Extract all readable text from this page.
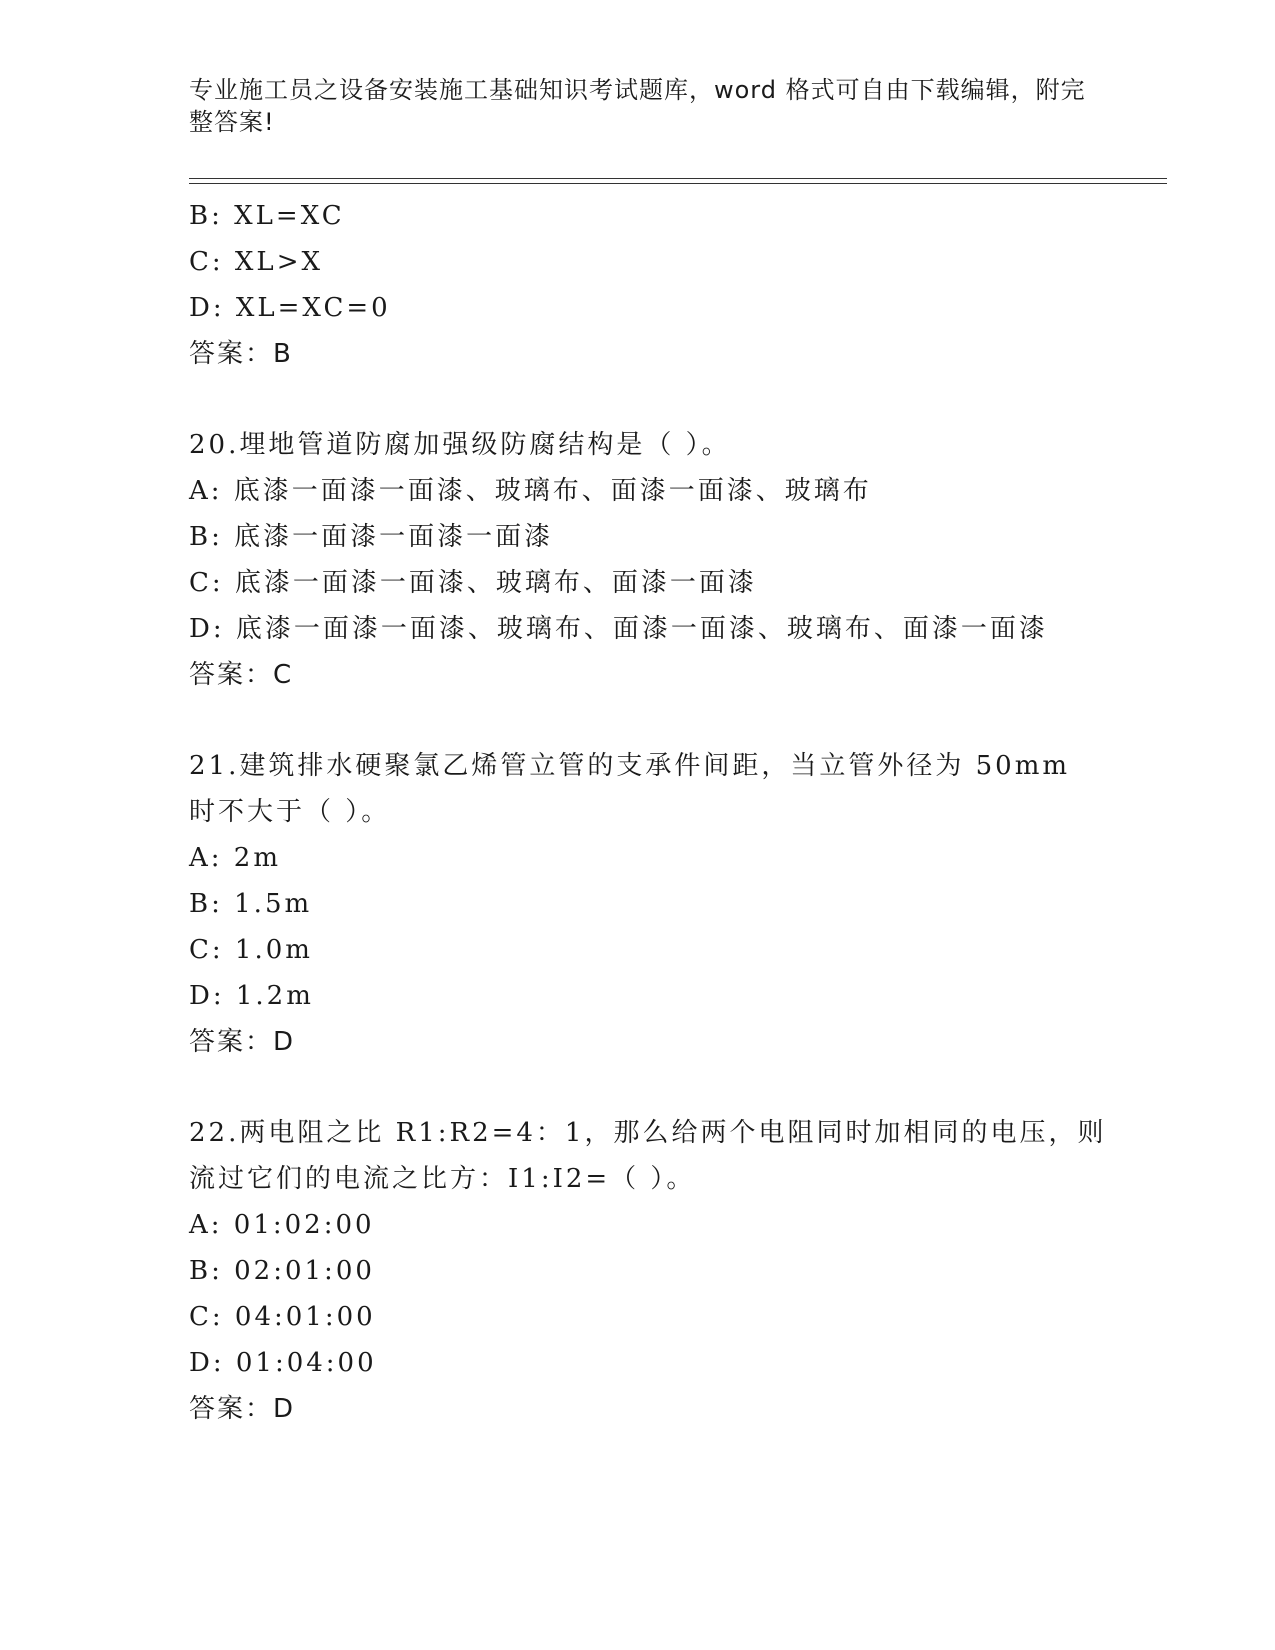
专业施工员之设备安装施工基础知识考试题库，word 格式可自由下载编辑，附完整答案!
B: XL=XC
C: XL>X
D: XL=XC=0
答案：B
20.埋地管道防腐加强级防腐结构是（ ）。
A: 底漆一面漆一面漆、玻璃布、面漆一面漆、玻璃布
B: 底漆一面漆一面漆一面漆
C: 底漆一面漆一面漆、玻璃布、面漆一面漆
D: 底漆一面漆一面漆、玻璃布、面漆一面漆、玻璃布、面漆一面漆
答案：C
21.建筑排水硬聚氯乙烯管立管的支承件间距，当立管外径为 50mm 时不大于（ ）。
A: 2m
B: 1.5m
C: 1.0m
D: 1.2m
答案：D
22.两电阻之比 R1:R2=4：1，那么给两个电阻同时加相同的电压，则流过它们的电流之比方：I1:I2=（ ）。
A: 01:02:00
B: 02:01:00
C: 04:01:00
D: 01:04:00
答案：D
